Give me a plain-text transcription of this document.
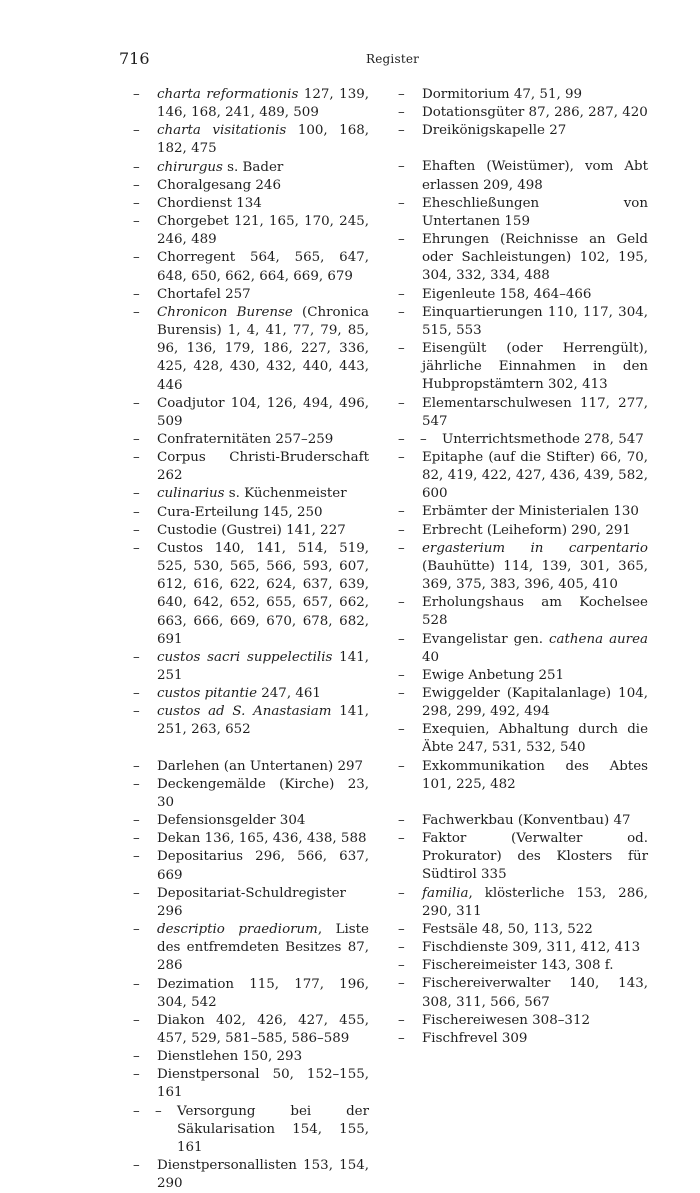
716	Register
–	charta reformationis 127, 139, 146, 168, 241, 489, 509
–	charta visitationis 100, 168, 182, 475
–	chirurgus s. Bader
–	Choralgesang 246
–	Chordienst 134
–	Chorgebet 121, 165, 170, 245, 246, 489
–	Chorregent 564, 565, 647, 648, 650, 662, 664, 669, 679
–	Chortafel 257
–	Chronicon Burense (Chronica Burensis) 1, 4, 41, 77, 79, 85, 96, 136, 179, 186, 227, 336, 425, 428, 430, 432, 440, 443, 446
–	Coadjutor 104, 126, 494, 496, 509
–	Confraternitäten 257–259
–	Corpus Christi-Bruderschaft 262
–	culinarius s. Küchenmeister
–	Cura-Erteilung 145, 250
–	Custodie (Gustrei) 141, 227
–	Custos 140, 141, 514, 519, 525, 530, 565, 566, 593, 607, 612, 616, 622, 624, 637, 639, 640, 642, 652, 655, 657, 662, 663, 666, 669, 670, 678, 682, 691
–	custos sacri suppelectilis 141, 251
–	custos pitantie 247, 461
–	custos ad S. Anastasiam 141, 251, 263, 652
–	Darlehen (an Untertanen) 297
–	Deckengemälde (Kirche) 23, 30
–	Defensionsgelder 304
–	Dekan 136, 165, 436, 438, 588
–	Depositarius 296, 566, 637, 669
–	Depositariat-Schuldregister 296
–	descriptio praediorum, Liste des entfremdeten Besitzes 87, 286
–	Dezimation 115, 177, 196, 304, 542
–	Diakon 402, 426, 427, 455, 457, 529, 581–585, 586–589
–	Dienstlehen 150, 293
–	Dienstpersonal 50, 152–155, 161
–	–	Versorgung bei der Säkularisation 154, 155, 161
–	Dienstpersonallisten 153, 154, 290
–	Dormitorium 47, 51, 99
–	Dotationsgüter 87, 286, 287, 420
–	Dreikönigskapelle 27
–	Ehaften (Weistümer), vom Abt erlassen 209, 498
–	Eheschließungen von Untertanen 159
–	Ehrungen (Reichnisse an Geld oder Sachleistungen) 102, 195, 304, 332, 334, 488
–	Eigenleute 158, 464–466
–	Einquartierungen 110, 117, 304, 515, 553
–	Eisengült (oder Herrengült), jährliche Einnahmen in den Hubpropstämtern 302, 413
–	Elementarschulwesen 117, 277, 547
–	–	Unterrichtsmethode 278, 547
–	Epitaphe (auf die Stifter) 66, 70, 82, 419, 422, 427, 436, 439, 582, 600
–	Erbämter der Ministerialen 130
–	Erbrecht (Leiheform) 290, 291
–	ergasterium in carpentario (Bauhütte) 114, 139, 301, 365, 369, 375, 383, 396, 405, 410
–	Erholungshaus am Kochelsee 528
–	Evangelistar gen. cathena aurea 40
–	Ewige Anbetung 251
–	Ewiggelder (Kapitalanlage) 104, 298, 299, 492, 494
–	Exequien, Abhaltung durch die Äbte 247, 531, 532, 540
–	Exkommunikation des Abtes 101, 225, 482
–	Fachwerkbau (Konventbau) 47
–	Faktor (Verwalter od. Prokurator) des Klosters für Südtirol 335
–	familia, klösterliche 153, 286, 290, 311
–	Festsäle 48, 50, 113, 522
–	Fischdienste 309, 311, 412, 413
–	Fischereimeister 143, 308 f.
–	Fischereiverwalter 140, 143, 308, 311, 566, 567
–	Fischereiwesen 308–312
–	Fischfrevel 309
